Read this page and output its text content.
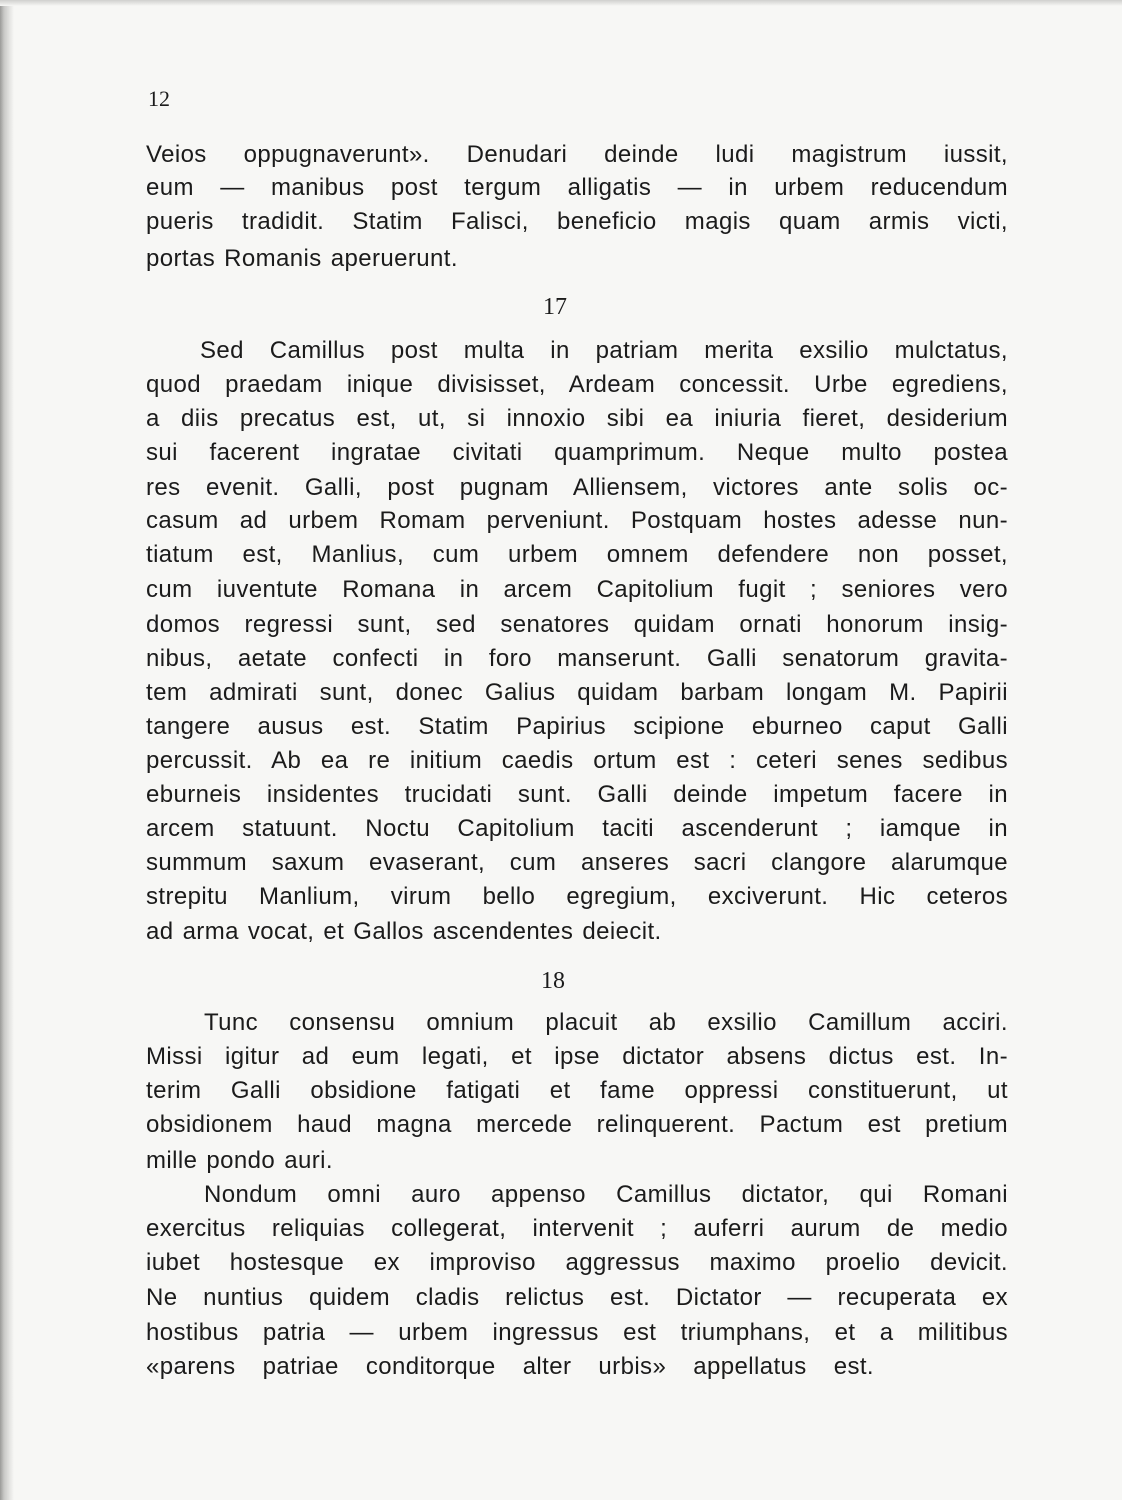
12
Veios oppugnaverunt». Denudari deinde ludi magistrum iussit,
eum — manibus post tergum alligatis — in urbem reducendum
pueris tradidit. Statim Falisci, beneficio magis quam armis victi,
portas Romanis aperuerunt.
17
Sed Camillus post multa in patriam merita exsilio mulctatus,
quod praedam inique divisisset, Ardeam concessit. Urbe egrediens,
a diis precatus est, ut, si innoxio sibi ea iniuria fieret, desiderium
sui facerent ingratae civitati quamprimum. Neque multo postea
res evenit. Galli, post pugnam Alliensem, victores ante solis oc-
casum ad urbem Romam perveniunt. Postquam hostes adesse nun-
tiatum est, Manlius, cum urbem omnem defendere non posset,
cum iuventute Romana in arcem Capitolium fugit ; seniores vero
domos regressi sunt, sed senatores quidam ornati honorum insig-
nibus, aetate confecti in foro manserunt. Galli senatorum gravita-
tem admirati sunt, donec Galius quidam barbam longam M. Papirii
tangere ausus est. Statim Papirius scipione eburneo caput Galli
percussit. Ab ea re initium caedis ortum est : ceteri senes sedibus
eburneis insidentes trucidati sunt. Galli deinde impetum facere in
arcem statuunt. Noctu Capitolium taciti ascenderunt ; iamque in
summum saxum evaserant, cum anseres sacri clangore alarumque
strepitu Manlium, virum bello egregium, exciverunt. Hic ceteros
ad arma vocat, et Gallos ascendentes deiecit.
18
Tunc consensu omnium placuit ab exsilio Camillum acciri.
Missi igitur ad eum legati, et ipse dictator absens dictus est. In-
terim Galli obsidione fatigati et fame oppressi constituerunt, ut
obsidionem haud magna mercede relinquerent. Pactum est pretium
mille pondo auri.
Nondum omni auro appenso Camillus dictator, qui Romani
exercitus reliquias collegerat, intervenit ; auferri aurum de medio
iubet hostesque ex improviso aggressus maximo proelio devicit.
Ne nuntius quidem cladis relictus est. Dictator — recuperata ex
hostibus patria — urbem ingressus est triumphans, et a militibus
«parens patriae conditorque alter urbis» appellatus est.
